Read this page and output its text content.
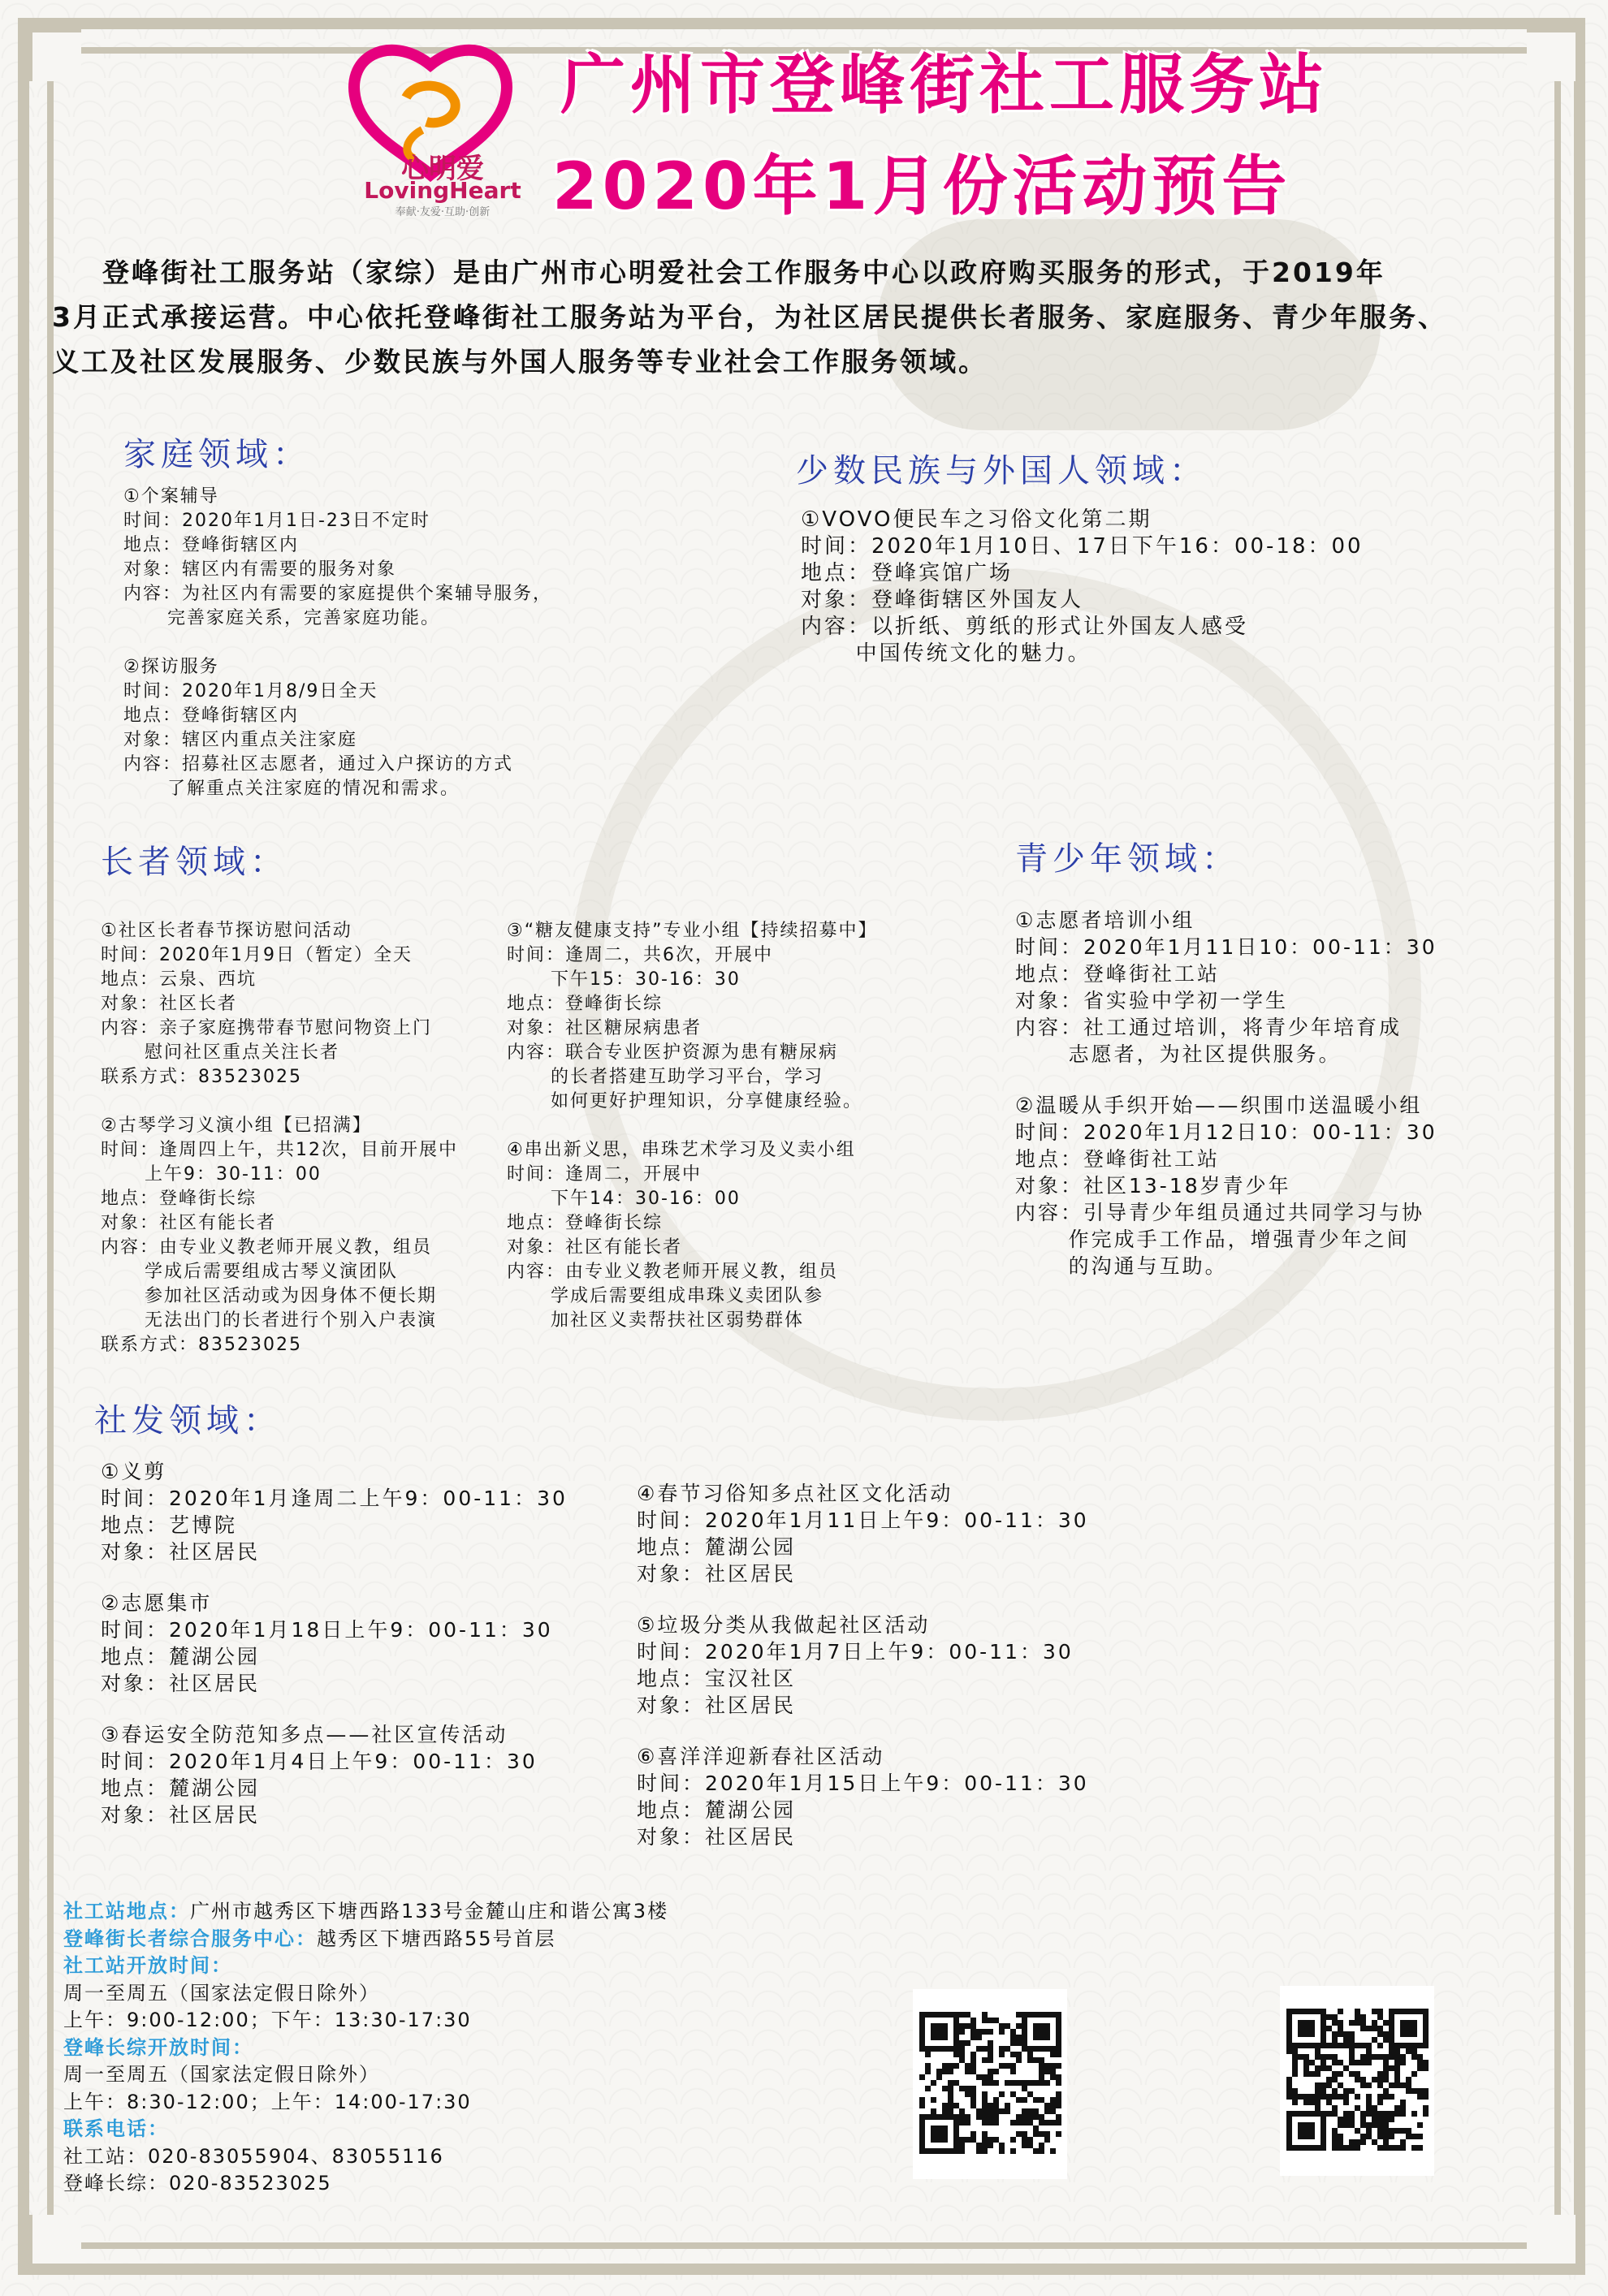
心明爱
LovingHeart
奉献·友爱·互助·创新
广州市登峰街社工服务站
2020年1月份活动预告

登峰街社工服务站（家综）是由广州市心明爱社会工作服务中心以政府购买服务的形式，于2019年

3月正式承接运营。中心依托登峰街社工服务站为平台，为社区居民提供长者服务、家庭服务、青少年服务、

义工及社区发展服务、少数民族与外国人服务等专业社会工作服务领域。

家庭领域：
①个案辅导
时间：2020年1月1日-23日不定时
地点：登峰街辖区内
对象：辖区内有需要的服务对象
内容：为社区内有需要的家庭提供个案辅导服务，
完善家庭关系，完善家庭功能。
②探访服务
时间：2020年1月8/9日全天
地点：登峰街辖区内
对象：辖区内重点关注家庭
内容：招募社区志愿者，通过入户探访的方式
了解重点关注家庭的情况和需求。
少数民族与外国人领域：
①VOVO便民车之习俗文化第二期
时间：2020年1月10日、17日下午16：00-18：00
地点：登峰宾馆广场
对象：登峰街辖区外国友人
内容：以折纸、剪纸的形式让外国友人感受
中国传统文化的魅力。
长者领域：
①社区长者春节探访慰问活动
时间：2020年1月9日（暂定）全天
地点：云泉、西坑
对象：社区长者
内容：亲子家庭携带春节慰问物资上门
慰问社区重点关注长者
联系方式：83523025
②古琴学习义演小组【已招满】
时间：逢周四上午，共12次，目前开展中
上午9：30-11：00
地点：登峰街长综
对象：社区有能长者
内容：由专业义教老师开展义教，组员
学成后需要组成古琴义演团队
参加社区活动或为因身体不便长期
无法出门的长者进行个别入户表演
联系方式：83523025
③“糖友健康支持”专业小组【持续招募中】
时间：逢周二，共6次，开展中
下午15：30-16：30
地点：登峰街长综
对象：社区糖尿病患者
内容：联合专业医护资源为患有糖尿病
的长者搭建互助学习平台，学习
如何更好护理知识，分享健康经验。
④串出新义思，串珠艺术学习及义卖小组
时间：逢周二，开展中
下午14：30-16：00
地点：登峰街长综
对象：社区有能长者
内容：由专业义教老师开展义教，组员
学成后需要组成串珠义卖团队参
加社区义卖帮扶社区弱势群体
青少年领域：
①志愿者培训小组
时间：2020年1月11日10：00-11：30
地点：登峰街社工站
对象：省实验中学初一学生
内容：社工通过培训，将青少年培育成
志愿者，为社区提供服务。
②温暖从手织开始——织围巾送温暖小组
时间：2020年1月12日10：00-11：30
地点：登峰街社工站
对象：社区13-18岁青少年
内容：引导青少年组员通过共同学习与协
作完成手工作品，增强青少年之间
的沟通与互助。
社发领域：
①义剪
时间：2020年1月逢周二上午9：00-11：30
地点：艺博院
对象：社区居民
②志愿集市
时间：2020年1月18日上午9：00-11：30
地点：麓湖公园
对象：社区居民
③春运安全防范知多点——社区宣传活动
时间：2020年1月4日上午9：00-11：30
地点：麓湖公园
对象：社区居民
④春节习俗知多点社区文化活动
时间：2020年1月11日上午9：00-11：30
地点：麓湖公园
对象：社区居民
⑤垃圾分类从我做起社区活动
时间：2020年1月7日上午9：00-11：30
地点：宝汉社区
对象：社区居民
⑥喜洋洋迎新春社区活动
时间：2020年1月15日上午9：00-11：30
地点：麓湖公园
对象：社区居民
社工站地点：广州市越秀区下塘西路133号金麓山庄和谐公寓3楼
登峰街长者综合服务中心：越秀区下塘西路55号首层
社工站开放时间：
周一至周五（国家法定假日除外）
上午：9:00-12:00；下午：13:30-17:30
登峰长综开放时间：
周一至周五（国家法定假日除外）
上午：8:30-12:00；上午：14:00-17:30
联系电话：
社工站：020-83055904、83055116
登峰长综：020-83523025
